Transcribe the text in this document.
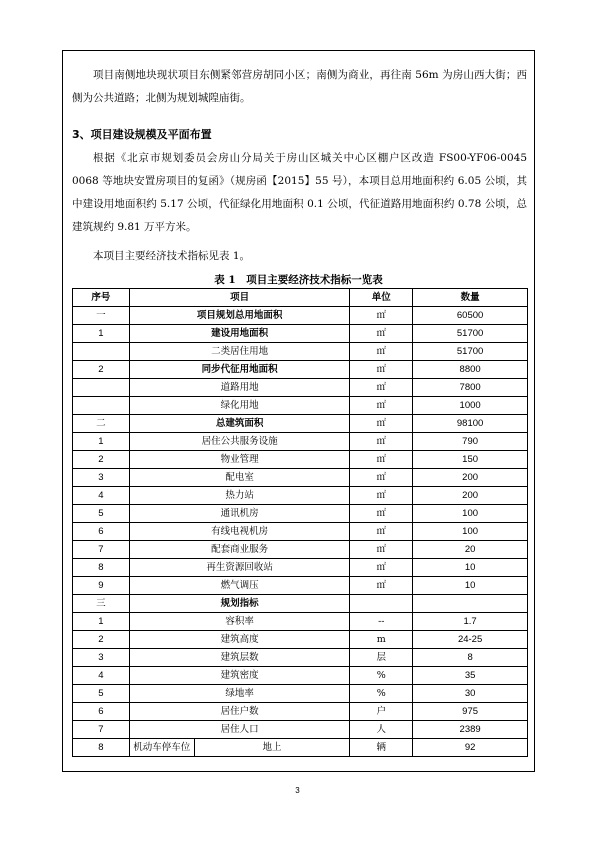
项目南侧地块现状项目东侧紧邻营房胡同小区；南侧为商业，再往南 56m 为房山西大街；西侧为公共道路；北侧为规划城隍庙街。
3、项目建设规模及平面布置
根据《北京市规划委员会房山分局关于房山区城关中心区棚户区改造 FS00-YF06-0045 0068 等地块安置房项目的复函》（规房函【2015】55 号），本项目总用地面积约 6.05 公顷，其中建设用地面积约 5.17 公顷，代征绿化用地面积 0.1 公顷，代征道路用地面积约 0.78 公顷，总建筑规约 9.81 万平方米。
本项目主要经济技术指标见表 1。
表 1　项目主要经济技术指标一览表
序号	项目		单位	数量
一	项目规划总用地面积		㎡	60500
1	建设用地面积		㎡	51700
	二类居住用地		㎡	51700
2	同步代征用地面积		㎡	8800
	道路用地		㎡	7800
	绿化用地		㎡	1000
二	总建筑面积		㎡	98100
1	居住公共服务设施		㎡	790
2	物业管理		㎡	150
3	配电室		㎡	200
4	热力站		㎡	200
5	通讯机房		㎡	100
6	有线电视机房		㎡	100
7	配套商业服务		㎡	20
8	再生资源回收站		㎡	10
9	燃气调压		㎡	10
三	规划指标			
1	容积率		--	1.7
2	建筑高度		m	24-25
3	建筑层数		层	8
4	建筑密度		%	35
5	绿地率		%	30
6	居住户数		户	975
7	居住人口		人	2389
8	机动车停车位	地上	辆	92
3
